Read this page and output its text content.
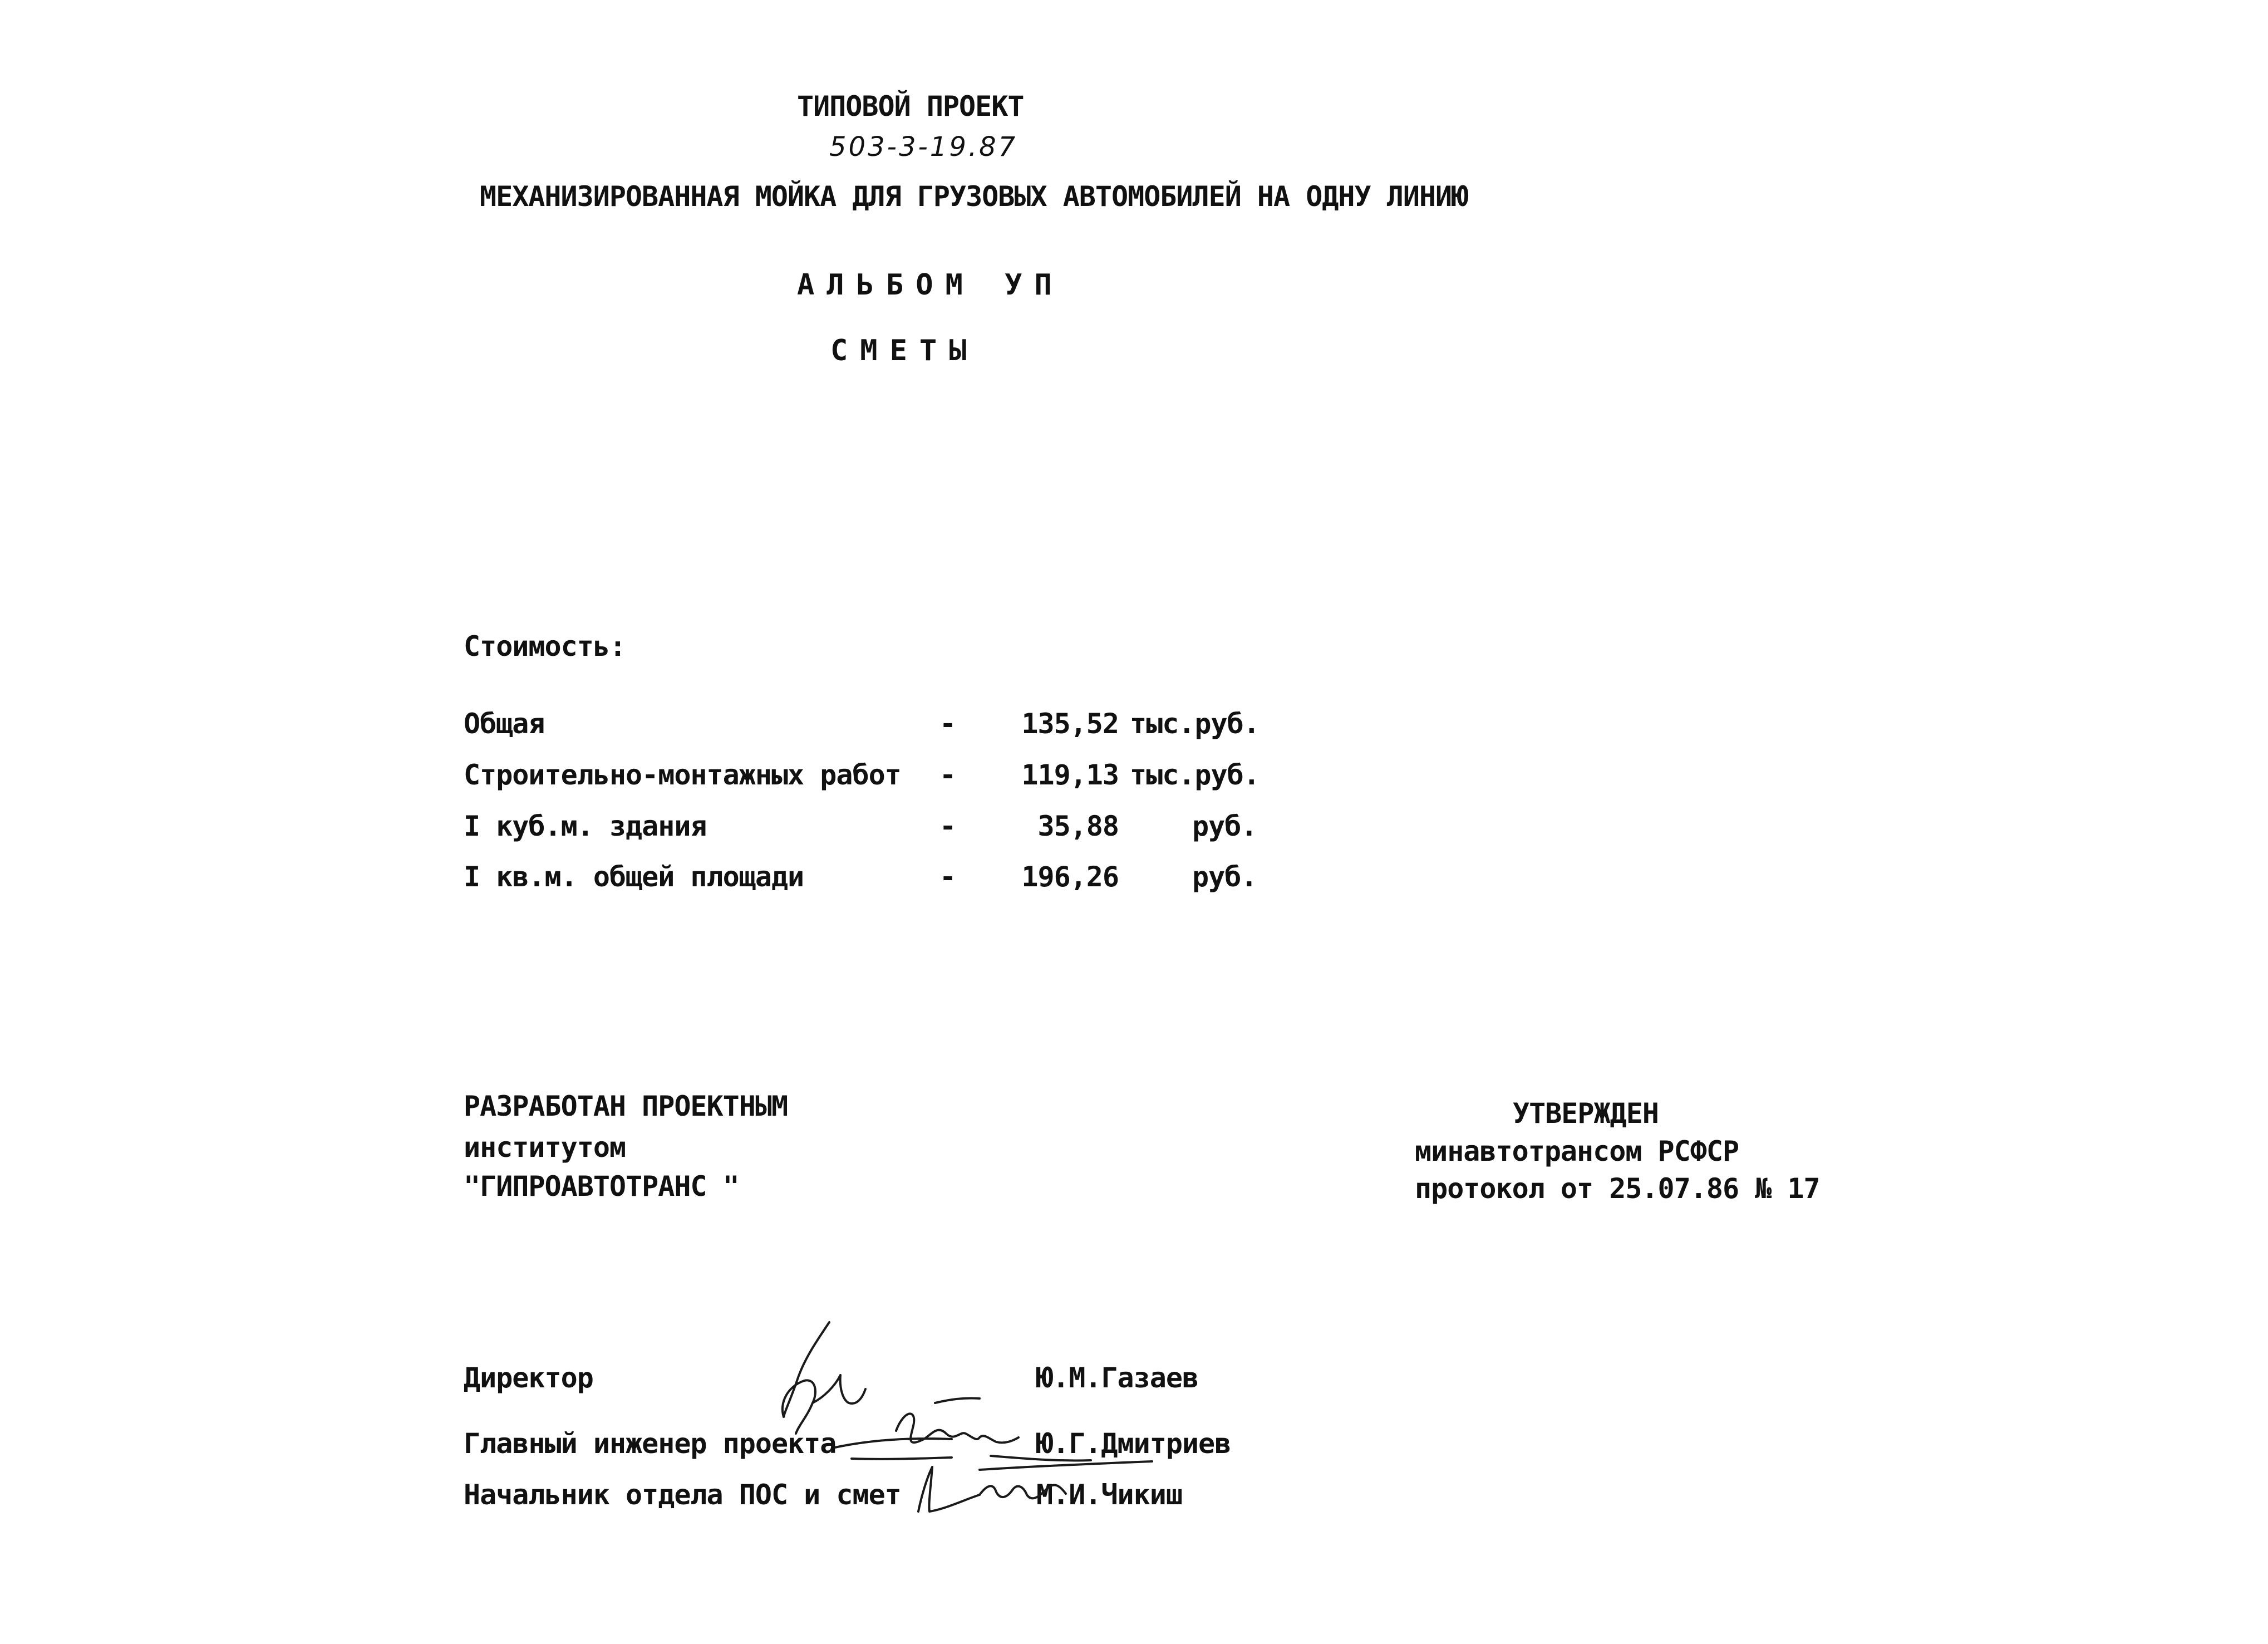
ТИПОВОЙ ПРОЕКТ
503-3-19.87
МЕХАНИЗИРОВАННАЯ МОЙКА ДЛЯ ГРУЗОВЫХ АВТОМОБИЛЕЙ НА ОДНУ ЛИНИЮ
АЛЬБОМ УП
СМЕТЫ
Стоимость:
Общая	-	135,52 тыс.руб.
Строительно-монтажных работ -	119,13 тыс.руб.
I куб.м. здания	-	35,88	руб.
I кв.м. общей площади	-	196,26	руб.
РАЗРАБОТАН ПРОЕКТНЫМ
институтом
"ГИПРОАВТОТРАНС "
УТВЕРЖДЕН
минавтотрансом РСФСР
протокол от 25.07.86 № 17
Директор	Ю.М.Газаев
Главный инженер проекта	Ю.Г.Дмитриев
Начальник отдела ПОС и смет	М.И.Чикиш
